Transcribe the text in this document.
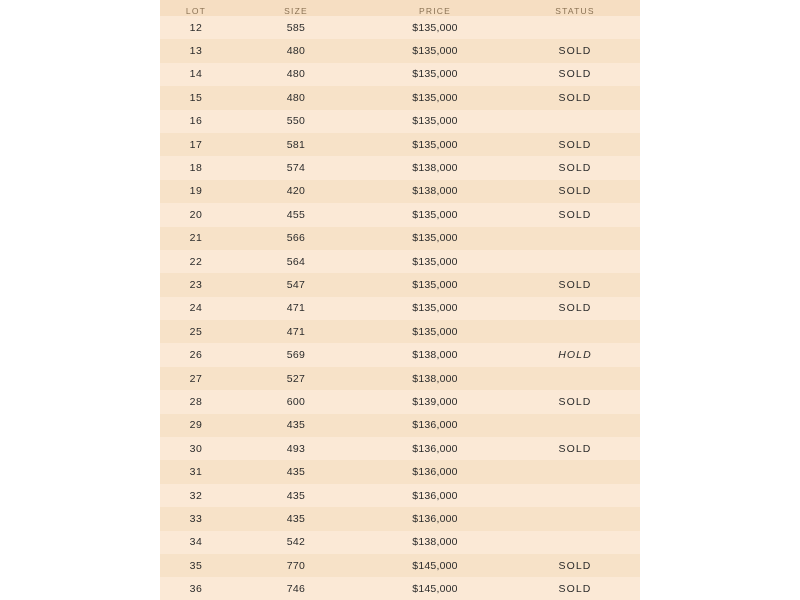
LOT	SIZE	PRICE	STATUS
12	585	$135,000	
13	480	$135,000	SOLD
14	480	$135,000	SOLD
15	480	$135,000	SOLD
16	550	$135,000	
17	581	$135,000	SOLD
18	574	$138,000	SOLD
19	420	$138,000	SOLD
20	455	$135,000	SOLD
21	566	$135,000	
22	564	$135,000	
23	547	$135,000	SOLD
24	471	$135,000	SOLD
25	471	$135,000	
26	569	$138,000	HOLD
27	527	$138,000	
28	600	$139,000	SOLD
29	435	$136,000	
30	493	$136,000	SOLD
31	435	$136,000	
32	435	$136,000	
33	435	$136,000	
34	542	$138,000	
35	770	$145,000	SOLD
36	746	$145,000	SOLD
